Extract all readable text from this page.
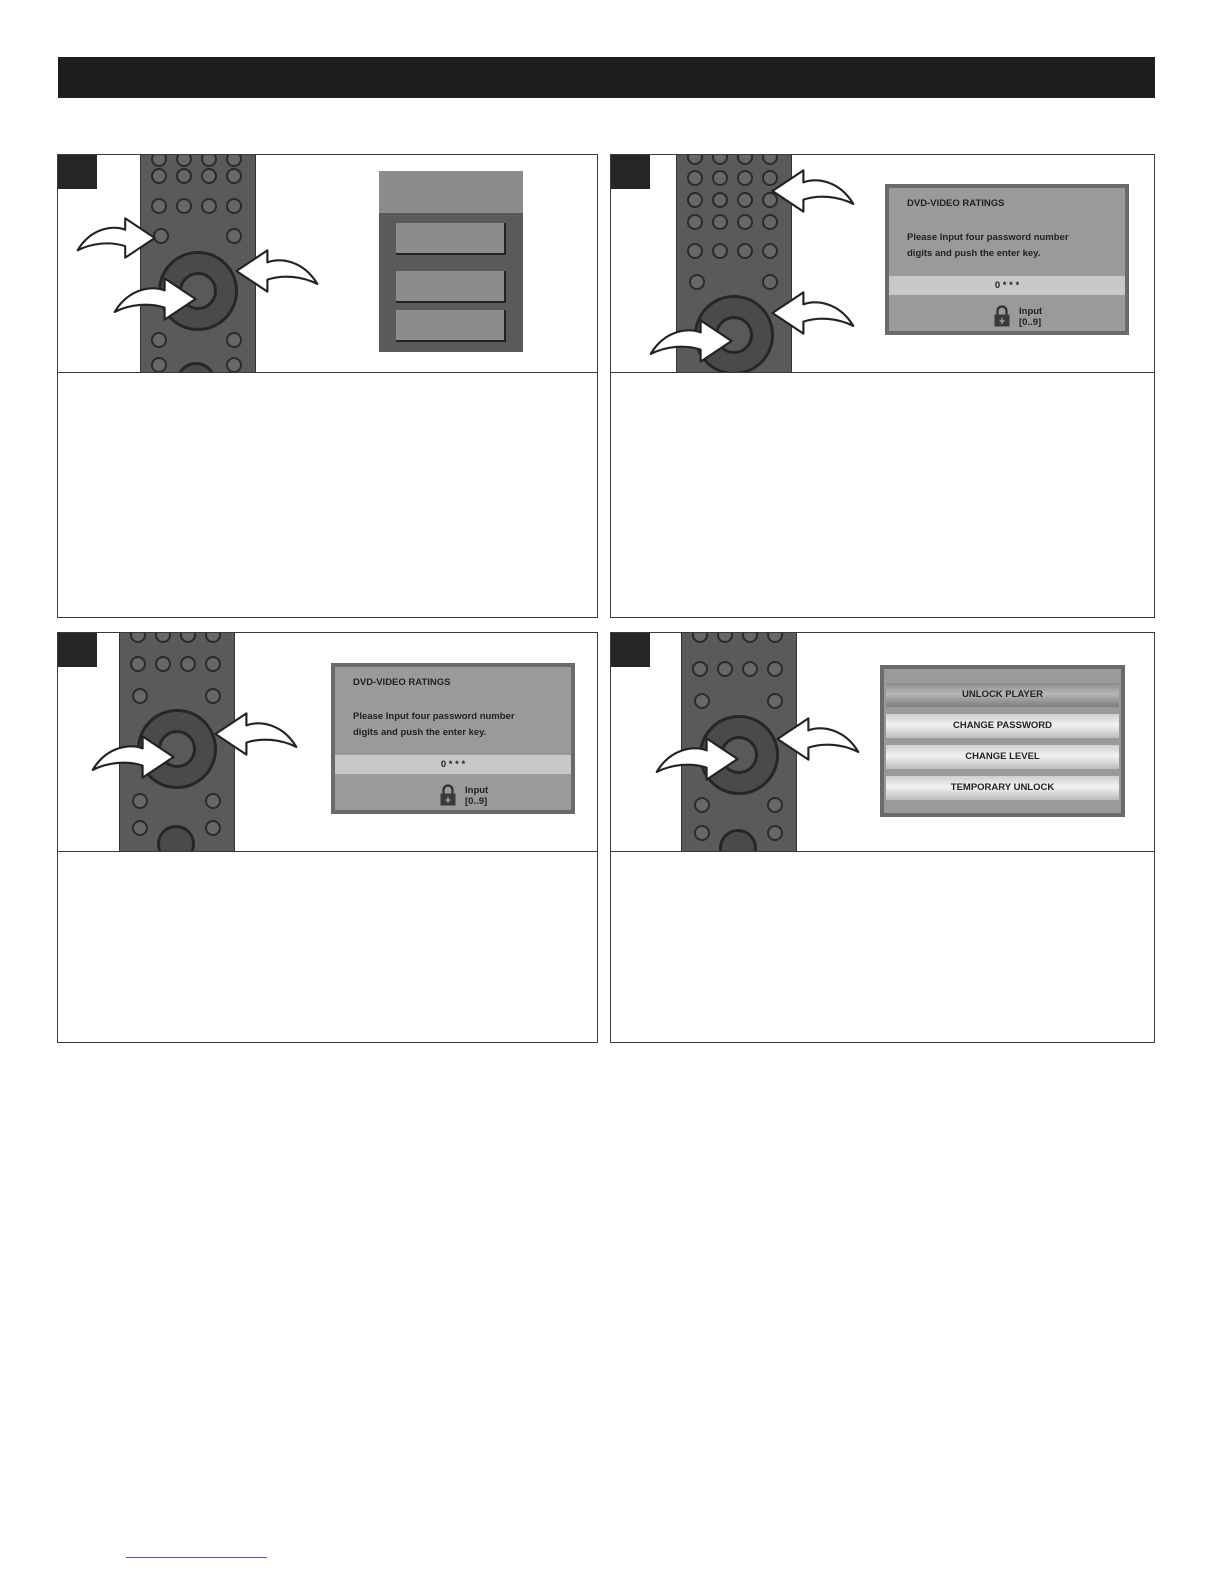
DVD-VIDEO RATINGS
Please Input four password number
digits and push the enter key.
0 * * *
Input
[0..9]
DVD-VIDEO RATINGS
Please Input four password number
digits and push the enter key.
0 * * *
Input
[0..9]
UNLOCK PLAYER
CHANGE PASSWORD
CHANGE LEVEL
TEMPORARY UNLOCK
